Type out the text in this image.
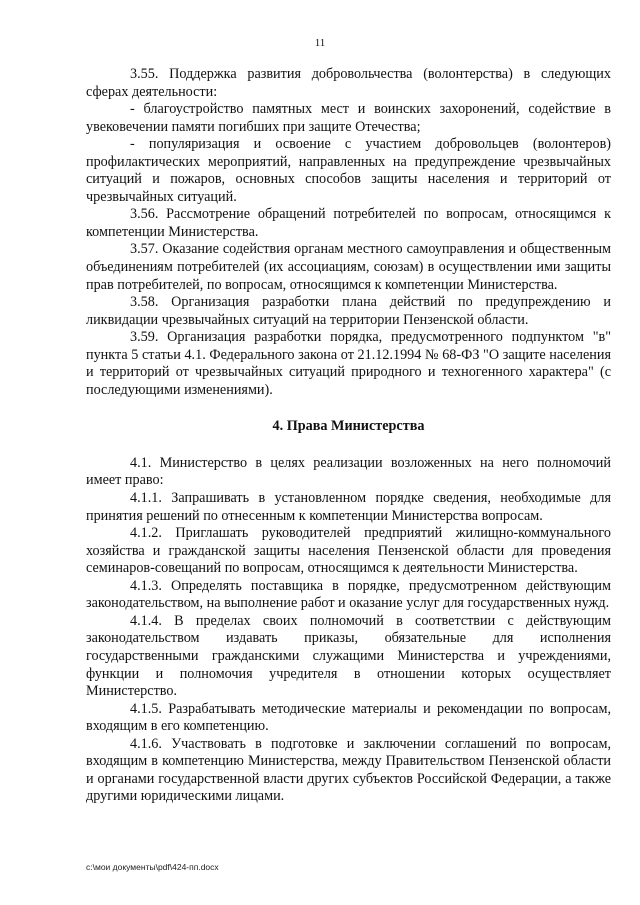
11

3.55. Поддержка развития добровольчества (волонтерства) в следующих сферах деятельности:

- благоустройство памятных мест и воинских захоронений, содействие в увековечении памяти погибших при защите Отечества;

- популяризация и освоение с участием добровольцев (волонтеров) профилактических мероприятий, направленных на предупреждение чрезвычайных ситуаций и пожаров, основных способов защиты населения и территорий от чрезвычайных ситуаций.

3.56. Рассмотрение обращений потребителей по вопросам, относящимся к компетенции Министерства.

3.57. Оказание содействия органам местного самоуправления и общественным объединениям потребителей (их ассоциациям, союзам) в осуществлении ими защиты прав потребителей, по вопросам, относящимся к компетенции Министерства.

3.58. Организация разработки плана действий по предупреждению и ликвидации чрезвычайных ситуаций на территории Пензенской области.

3.59. Организация разработки порядка, предусмотренного подпунктом "в" пункта 5 статьи 4.1. Федерального закона от 21.12.1994 № 68-ФЗ "О защите населения и территорий от чрезвычайных ситуаций природного и техногенного характера" (с последующими изменениями).

4. Права Министерства

4.1. Министерство в целях реализации возложенных на него полномочий имеет право:

4.1.1. Запрашивать в установленном порядке сведения, необходимые для принятия решений по отнесенным к компетенции Министерства вопросам.

4.1.2. Приглашать руководителей предприятий жилищно-коммунального хозяйства и гражданской защиты населения Пензенской области для проведения семинаров-совещаний по вопросам, относящимся к деятельности Министерства.

4.1.3. Определять поставщика в порядке, предусмотренном действующим законодательством, на выполнение работ и оказание услуг для государственных нужд.

4.1.4. В пределах своих полномочий в соответствии с действующим законодательством издавать приказы, обязательные для исполнения государственными гражданскими служащими Министерства и учреждениями, функции и полномочия учредителя в отношении которых осуществляет Министерство.

4.1.5. Разрабатывать методические материалы и рекомендации по вопросам, входящим в его компетенцию.

4.1.6. Участвовать в подготовке и заключении соглашений по вопросам, входящим в компетенцию Министерства, между Правительством Пензенской области и органами государственной власти других субъектов Российской Федерации, а также другими юридическими лицами.

c:\мои документы\pdf\424-пп.docx
